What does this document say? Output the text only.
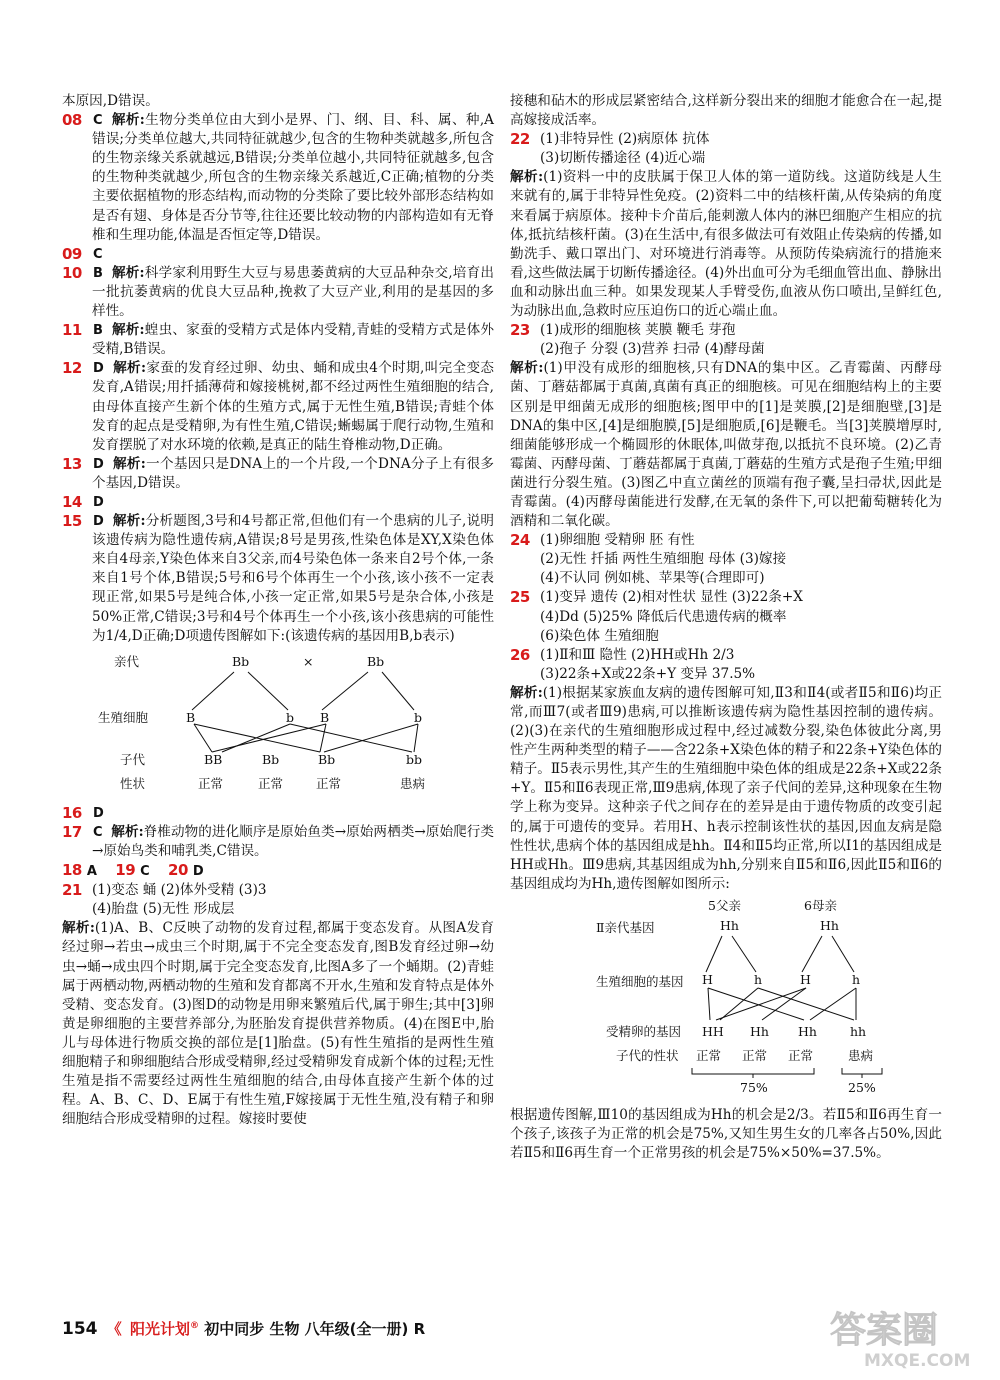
本原因,D错误。

08 C 解析:生物分类单位由大到小是界、门、纲、目、科、属、种,A错误;分类单位越大,共同特征就越少,包含的生物种类就越多,所包含的生物亲缘关系就越远,B错误;分类单位越小,共同特征就越多,包含的生物种类就越少,所包含的生物亲缘关系越近,C正确;植物的分类主要依据植物的形态结构,而动物的分类除了要比较外部形态结构如是否有翅、身体是否分节等,往往还要比较动物的内部构造如有无脊椎和生理功能,体温是否恒定等,D错误。
09 C
10 B 解析:科学家利用野生大豆与易患萎黄病的大豆品种杂交,培育出一批抗萎黄病的优良大豆品种,挽救了大豆产业,利用的是基因的多样性。
11 B 解析:蝗虫、家蚕的受精方式是体内受精,青蛙的受精方式是体外受精,B错误。
12 D 解析:家蚕的发育经过卵、幼虫、蛹和成虫4个时期,叫完全变态发育,A错误;用扦插薄荷和嫁接桃树,都不经过两性生殖细胞的结合,由母体直接产生新个体的生殖方式,属于无性生殖,B错误;青蛙个体发育的起点是受精卵,为有性生殖,C错误;蜥蜴属于爬行动物,生殖和发育摆脱了对水环境的依赖,是真正的陆生脊椎动物,D正确。
13 D 解析:一个基因只是DNA上的一个片段,一个DNA分子上有很多个基因,D错误。
14 D
15 D 解析:分析题图,3号和4号都正常,但他们有一个患病的儿子,说明该遗传病为隐性遗传病,A错误;8号是男孩,性染色体是XY,X染色体来自4母亲,Y染色体来自3父亲,而4号染色体一条来自2号个体,一条来自1号个体,B错误;5号和6号个体再生一个小孩,该小孩不一定表现正常,如果5号是纯合体,小孩一定正常,如果5号是杂合体,小孩是50%正常,C错误;3号和4号个体再生一个小孩,该小孩患病的可能性为1/4,D正确;D项遗传图解如下:(该遗传病的基因用B,b表示)
亲代	Bb	×	Bb
生殖细胞	B	b B	b
子代	BB	Bb	Bb	bb
性状	正常	正常	正常	患病
16 D
17 C 解析:脊椎动物的进化顺序是原始鱼类→原始两栖类→原始爬行类→原始鸟类和哺乳类,C错误。

18 A 19 C 20 D

21 (1)变态 蛹 (2)体外受精 (3)3
(4)胎盘 (5)无性 形成层

解析:(1)A、B、C反映了动物的发育过程,都属于变态发育。从图A发育经过卵→若虫→成虫三个时期,属于不完全变态发育,图B发育经过卵→幼虫→蛹→成虫四个时期,属于完全变态发育,比图A多了一个蛹期。(2)青蛙属于两栖动物,两栖动物的生殖和发育都离不开水,生殖和发育特点是体外受精、变态发育。(3)图D的动物是用卵来繁殖后代,属于卵生;其中[3]卵黄是卵细胞的主要营养部分,为胚胎发育提供营养物质。(4)在图E中,胎儿与母体进行物质交换的部位是[1]胎盘。(5)有性生殖指的是两性生殖细胞精子和卵细胞结合形成受精卵,经过受精卵发育成新个体的过程;无性生殖是指不需要经过两性生殖细胞的结合,由母体直接产生新个体的过程。A、B、C、D、E属于有性生殖,F嫁接属于无性生殖,没有精子和卵细胞结合形成受精卵的过程。嫁接时要使

接穗和砧木的形成层紧密结合,这样新分裂出来的细胞才能愈合在一起,提高嫁接成活率。

22 (1)非特异性 (2)病原体 抗体
(3)切断传播途径 (4)近心端

解析:(1)资料一中的皮肤属于保卫人体的第一道防线。这道防线是人生来就有的,属于非特异性免疫。(2)资料二中的结核杆菌,从传染病的角度来看属于病原体。接种卡介苗后,能刺激人体内的淋巴细胞产生相应的抗体,抵抗结核杆菌。(3)在生活中,有很多做法可有效阻止传染病的传播,如勤洗手、戴口罩出门、对环境进行消毒等。从预防传染病流行的措施来看,这些做法属于切断传播途径。(4)外出血可分为毛细血管出血、静脉出血和动脉出血三种。如果发现某人手臂受伤,血液从伤口喷出,呈鲜红色,为动脉出血,急救时应压迫伤口的近心端止血。

23 (1)成形的细胞核 荚膜 鞭毛 芽孢
(2)孢子 分裂 (3)营养 扫帚 (4)酵母菌

解析:(1)甲没有成形的细胞核,只有DNA的集中区。乙青霉菌、丙酵母菌、丁蘑菇都属于真菌,真菌有真正的细胞核。可见在细胞结构上的主要区别是甲细菌无成形的细胞核;图甲中的[1]是荚膜,[2]是细胞壁,[3]是DNA的集中区,[4]是细胞膜,[5]是细胞质,[6]是鞭毛。当[3]荚膜增厚时,细菌能够形成一个椭圆形的休眠体,叫做芽孢,以抵抗不良环境。(2)乙青霉菌、丙酵母菌、丁蘑菇都属于真菌,丁蘑菇的生殖方式是孢子生殖;甲细菌进行分裂生殖。(3)图乙中直立菌丝的顶端有孢子囊,呈扫帚状,因此是青霉菌。(4)丙酵母菌能进行发酵,在无氧的条件下,可以把葡萄糖转化为酒精和二氧化碳。

24 (1)卵细胞 受精卵 胚 有性
(2)无性 扦插 两性生殖细胞 母体 (3)嫁接
(4)不认同 例如桃、苹果等(合理即可)
25 (1)变异 遗传 (2)相对性状 显性 (3)22条+X
(4)Dd (5)25% 降低后代患遗传病的概率
(6)染色体 生殖细胞
26 (1)Ⅱ和Ⅲ 隐性 (2)HH或Hh 2/3
(3)22条+X或22条+Y 变异 37.5%

解析:(1)根据某家族血友病的遗传图解可知,Ⅱ3和Ⅱ4(或者Ⅱ5和Ⅱ6)均正常,而Ⅲ7(或者Ⅲ9)患病,可以推断该遗传病为隐性基因控制的遗传病。(2)(3)在亲代的生殖细胞形成过程中,经过减数分裂,染色体彼此分离,男性产生两种类型的精子——含22条+X染色体的精子和22条+Y染色体的精子。Ⅱ5表示男性,其产生的生殖细胞中染色体的组成是22条+X或22条+Y。Ⅱ5和Ⅱ6表现正常,Ⅲ9患病,体现了亲子代间的差异,这种现象在生物学上称为变异。这种亲子代之间存在的差异是由于遗传物质的改变引起的,属于可遗传的变异。若用H、h表示控制该性状的基因,因血友病是隐性性状,患病个体的基因组成是hh。Ⅱ4和Ⅱ5均正常,所以Ⅰ1的基因组成是HH或Hh。Ⅲ9患病,其基因组成为hh,分别来自Ⅱ5和Ⅱ6,因此Ⅱ5和Ⅱ6的基因组成均为Hh,遗传图解如图所示:

5父亲	6母亲
Ⅱ亲代基因	Hh	Hh
生殖细胞的基因 H	h	H	h
受精卵的基因 HH Hh Hh	hh
子代的性状 正常 正常 正常	患病
75%	25%

根据遗传图解,Ⅲ10的基因组成为Hh的机会是2/3。若Ⅱ5和Ⅱ6再生育一个孩子,该孩子为正常的机会是75%,又知生男生女的几率各占50%,因此若Ⅱ5和Ⅱ6再生育一个正常男孩的机会是75%×50%=37.5%。

154 《 阳光计划® 初中同步 生物 八年级(全一册) R	答案圈
MXQE.COM
